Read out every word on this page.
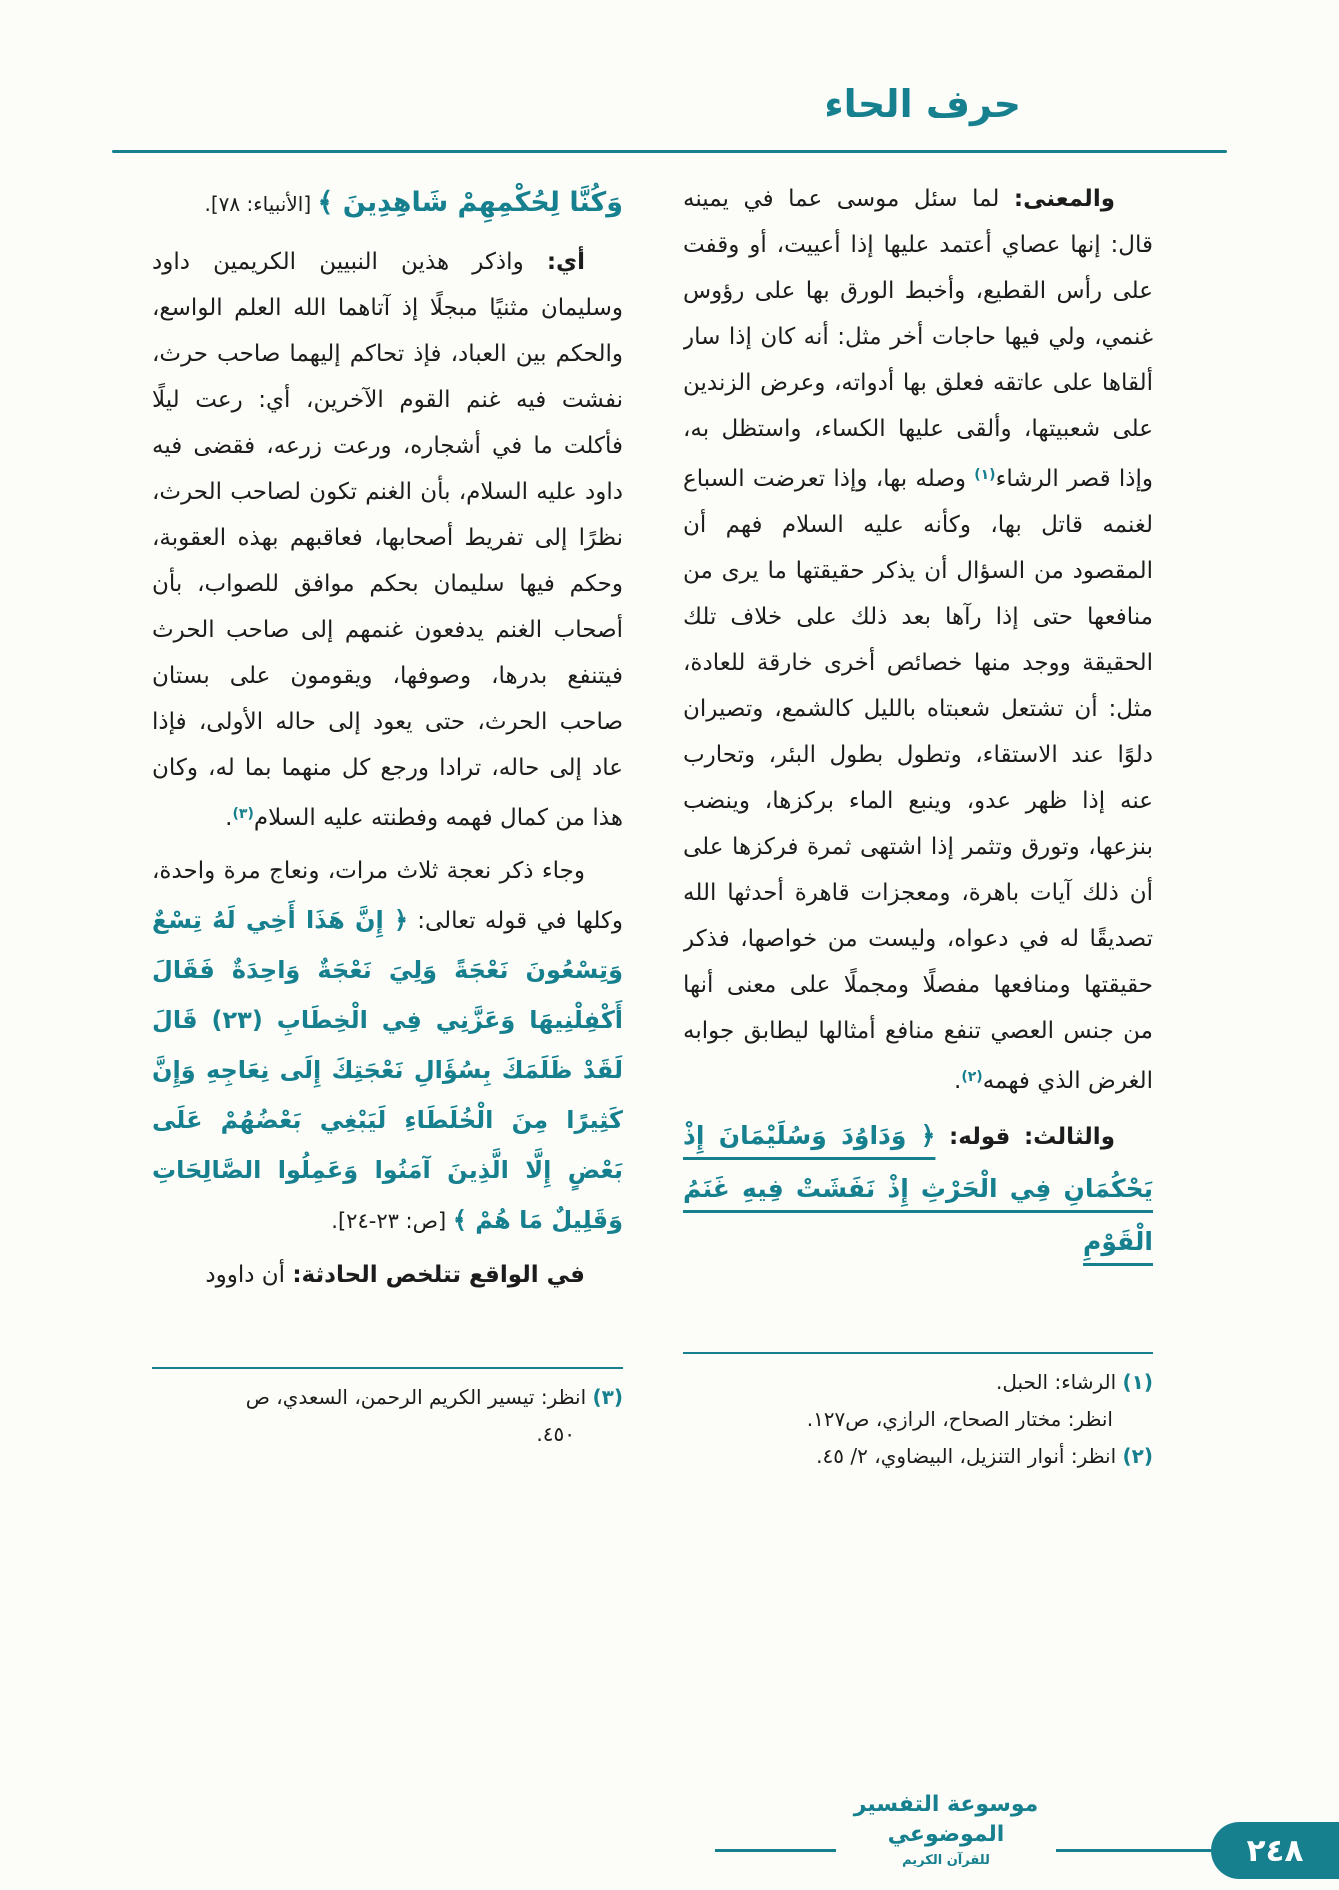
حرف الحاء

والمعنى: لما سئل موسى عما في يمينه قال: إنها عصاي أعتمد عليها إذا أعييت، أو وقفت على رأس القطيع، وأخبط الورق بها على رؤوس غنمي، ولي فيها حاجات أخر مثل: أنه كان إذا سار ألقاها على عاتقه فعلق بها أدواته، وعرض الزندين على شعبيتها، وألقى عليها الكساء، واستظل به، وإذا قصر الرشاء$^{(١)}$ وصله بها، وإذا تعرضت السباع لغنمه قاتل بها، وكأنه عليه السلام فهم أن المقصود من السؤال أن يذكر حقيقتها ما يرى من منافعها حتى إذا رآها بعد ذلك على خلاف تلك الحقيقة ووجد منها خصائص أخرى خارقة للعادة، مثل: أن تشتعل شعبتاه بالليل كالشمع، وتصيران دلوًا عند الاستقاء، وتطول بطول البئر، وتحارب عنه إذا ظهر عدو، وينبع الماء بركزها، وينضب بنزعها، وتورق وتثمر إذا اشتهى ثمرة فركزها على أن ذلك آيات باهرة، ومعجزات قاهرة أحدثها الله تصديقًا له في دعواه، وليست من خواصها، فذكر حقيقتها ومنافعها مفصلًا ومجملًا على معنى أنها من جنس العصي تنفع منافع أمثالها ليطابق جوابه الغرض الذي فهمه$^{(٢)}$.

والثالث: قوله: ﴿ وَدَاوُدَ وَسُلَيْمَانَ إِذْ يَحْكُمَانِ فِي الْحَرْثِ إِذْ نَفَشَتْ فِيهِ غَنَمُ الْقَوْمِ

وَكُنَّا لِحُكْمِهِمْ شَاهِدِينَ ﴾ [الأنبياء: ٧٨].

أي: واذكر هذين النبيين الكريمين داود وسليمان مثنيًا مبجلًا إذ آتاهما الله العلم الواسع، والحكم بين العباد، فإذ تحاكم إليهما صاحب حرث، نفشت فيه غنم القوم الآخرين، أي: رعت ليلًا فأكلت ما في أشجاره، ورعت زرعه، فقضى فيه داود عليه السلام، بأن الغنم تكون لصاحب الحرث، نظرًا إلى تفريط أصحابها، فعاقبهم بهذه العقوبة، وحكم فيها سليمان بحكم موافق للصواب، بأن أصحاب الغنم يدفعون غنمهم إلى صاحب الحرث فيتنفع بدرها، وصوفها، ويقومون على بستان صاحب الحرث، حتى يعود إلى حاله الأولى، فإذا عاد إلى حاله، ترادا ورجع كل منهما بما له، وكان هذا من كمال فهمه وفطنته عليه السلام$^{(٣)}$.

وجاء ذكر نعجة ثلاث مرات، ونعاج مرة واحدة، وكلها في قوله تعالى: ﴿ إِنَّ هَذَا أَخِي لَهُ تِسْعٌ وَتِسْعُونَ نَعْجَةً وَلِيَ نَعْجَةٌ وَاحِدَةٌ فَقَالَ أَكْفِلْنِيهَا وَعَزَّنِي فِي الْخِطَابِ (٢٣) قَالَ لَقَدْ ظَلَمَكَ بِسُؤَالِ نَعْجَتِكَ إِلَى نِعَاجِهِ وَإِنَّ كَثِيرًا مِنَ الْخُلَطَاءِ لَيَبْغِي بَعْضُهُمْ عَلَى بَعْضٍ إِلَّا الَّذِينَ آمَنُوا وَعَمِلُوا الصَّالِحَاتِ وَقَلِيلٌ مَا هُمْ ﴾ [ص: ٢٣-٢٤].

في الواقع تتلخص الحادثة: أن داوود

(١) الرشاء: الحبل.
انظر: مختار الصحاح، الرازي، ص١٢٧.
(٢) انظر: أنوار التنزيل، البيضاوي، ٢/ ٤٥.
(٣) انظر: تيسير الكريم الرحمن، السعدي، ص
٤٥٠.
موسوعة التفسير الموضوعي
للقرآن الكريم	٢٤٨
